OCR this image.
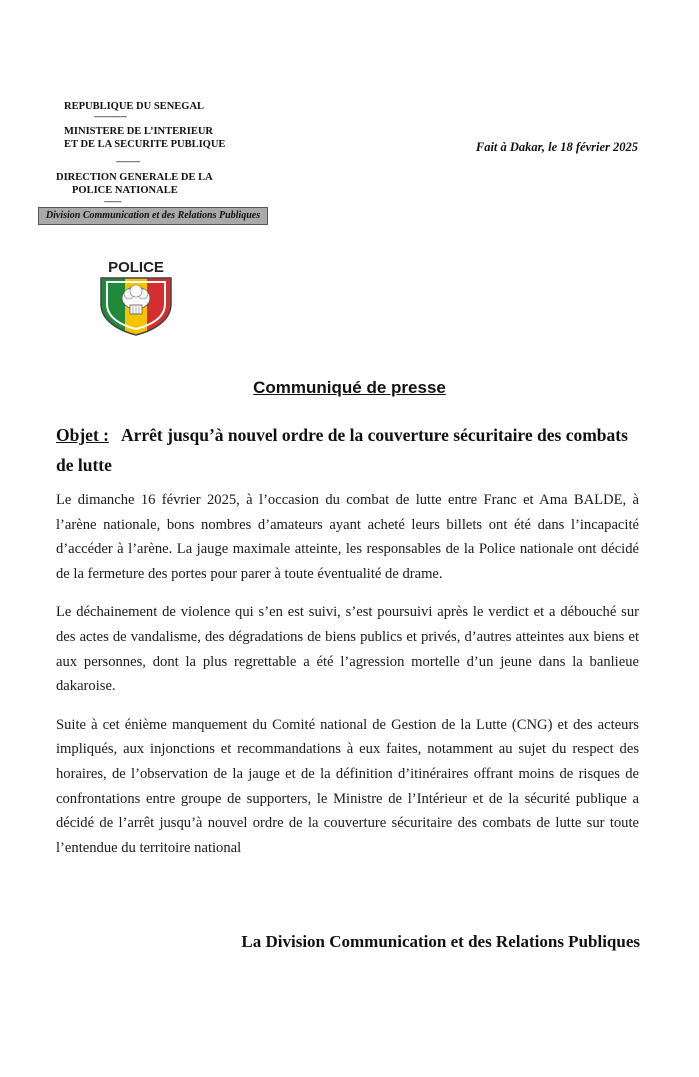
REPUBLIQUE DU SENEGAL
---------------
MINISTERE DE L’INTERIEUR
ET DE LA SECURITE PUBLIQUE
-----------
DIRECTION GENERALE DE LA
POLICE NATIONALE
--------
Division Communication et des Relations Publiques
Fait à Dakar, le 18 février 2025
POLICE
Communiqué de presse
Objet : Arrêt jusqu’à nouvel ordre de la couverture sécuritaire des combats de lutte

Le dimanche 16 février 2025, à l’occasion du combat de lutte entre Franc et Ama BALDE, à l’arène nationale, bons nombres d’amateurs ayant acheté leurs billets ont été dans l’incapacité d’accéder à l’arène. La jauge maximale atteinte, les responsables de la Police nationale ont décidé de la fermeture des portes pour parer à toute éventualité de drame.

Le déchainement de violence qui s’en est suivi, s’est poursuivi après le verdict et a débouché sur des actes de vandalisme, des dégradations de biens publics et privés, d’autres atteintes aux biens et aux personnes, dont la plus regrettable a été l’agression mortelle d’un jeune dans la banlieue dakaroise.

Suite à cet énième manquement du Comité national de Gestion de la Lutte (CNG) et des acteurs impliqués, aux injonctions et recommandations à eux faites, notamment au sujet du respect des horaires, de l’observation de la jauge et de la définition d’itinéraires offrant moins de risques de confrontations entre groupe de supporters, le Ministre de l’Intérieur et de la sécurité publique a décidé de l’arrêt jusqu’à nouvel ordre de la couverture sécuritaire des combats de lutte sur toute l’entendue du territoire national

La Division Communication et des Relations Publiques
